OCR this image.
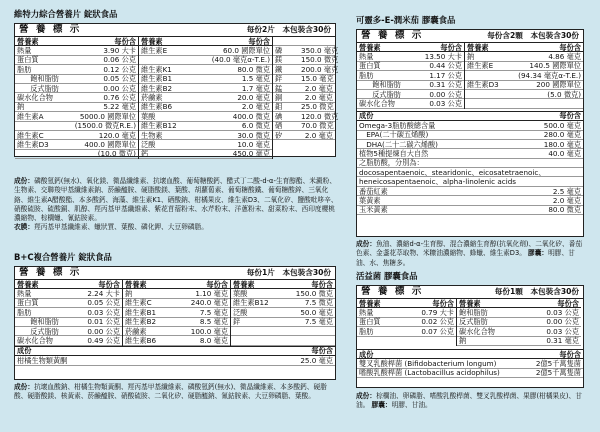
維特力綜合營養片 錠狀食品
營 養 標 示	每份2片　本包裝含30份
營養素	每份含
熱量	3.90 大卡
蛋白質	0.06 公克
脂肪	0.12 公克
　飽和脂肪	0.05 公克
　反式脂肪	0.00 公克
碳水化合物	0.76 公克
鈉	5.22 毫克
維生素A	5000.0 國際單位
(1500.0 微克R.E.)
維生素C	120.0 毫克
維生素D3	400.0 國際單位
(10.0 微克)
營養素	每份含
維生素E	60.0 國際單位
(40.0 毫克α-T.E.)
維生素K1	80.0 微克
維生素B1	1.5 毫克
維生素B2	1.7 毫克
菸鹼素	20.0 毫克
維生素B6	2.0 毫克
葉酸	400.0 微克
維生素B12	6.0 微克
生物素	30.0 微克
泛酸	10.0 毫克
鈣	450.0 毫克
磷	350.0 毫克
鎂	150.0 微克
鐵	200.0 毫克
鋅	15.0 毫克
錳	2.0 毫克
銅	2.0 毫克
鉬	25.0 微克
碘	120.0 微克
硒	70.0 微克
矽	2.0 毫克
成份：磷酸氫鈣(無水)、氧化鎂、微晶纖維素、抗壞血酸、葡萄糖酸鈣、醋式丁二酸-d-α-生育醇酯、米澱粉、生物素、交聯羧甲基纖維素鈉、菸鹼醯胺、硬脂酸鎂、葉酸、胡蘿蔔素、葡萄糖酸鐵、葡萄糖酸鋅、三氧化鉻、維生素A醋酸酯、本多酸鈣、海藻、維生素K1、硒酸鈉、柑橘果皮、維生素D3、二氧化矽、鹽酸吡哆辛、硝酸硫胺、硫酸銅、肌醇、羥丙基甲基纖維素、紫花苜蓿粉末、水芹粉末、洋蔥粉末、甜菜粉末、西印度櫻桃濃縮物、棕櫚蠟、氰鈷胺素。
衣膜：羥丙基甲基纖維素、蠟狀質、葉酸、磷化鉀、大豆卵磷脂。
B+C複合營養片 錠狀食品
營 養 標 示	每份1片　本包裝含30份
營養素	每份含
熱量	2.24 大卡
蛋白質	0.05 公克
脂肪	0.03 公克
　飽和脂肪	0.01 公克
　反式脂肪	0.00 公克
碳水化合物	0.49 公克
營養素	每份含
鈉	1.10 毫克
維生素C	240.0 毫克
維生素B1	7.5 毫克
維生素B2	8.5 毫克
菸鹼素	100.0 毫克
維生素B6	8.0 毫克
營養素	每份含
葉酸	150.0 微克
維生素B12	7.5 微克
泛酸	50.0 毫克
鋅	7.5 毫克
成份	每份含
柑橘生物類黃酮	25.0 毫克
成份：抗壞血酸鈉、柑橘生物類黃酮、羥丙基甲基纖維素、磷酸氫鈣(無水)、微晶纖維素、本多酸鈣、硬脂酸、硬脂酸鎂、核黃素、菸鹼醯胺、硝酸硫胺、二氧化矽、硬脂醯鈉、氰鈷胺素、大豆卵磷脂、葉酸。
可靈多-E-潤米茄 膠囊食品
營 養 標 示	每份含2顆　本包裝含30份
營養素	每份含
熱量	13.50 大卡
蛋白質	0.44 公克
脂肪	1.17 公克
　飽和脂肪	0.31 公克
　反式脂肪	0.00 公克
碳水化合物	0.03 公克
營養素	每份含
鈉	4.86 毫克
維生素E	140.5 國際單位
(94.34 毫克α-T.E.)
維生素D3	200 國際單位
(5.0 微克)
成份	每份含
Omega-3脂肪酸總含量	500.0 毫克
　EPA(二十碳五烯酸)	280.0 毫克
　DHA(二十二碳六烯酸)	180.0 毫克
植物5種提煉自大自然	40.0 毫克
之脂肪酸，分別為：
docosapentaenoic、stearidonic、eicosatetraenoic、
heneicosapentaenoic、alpha-linolenic acids
番茄紅素	2.5 毫克
葉黃素	2.0 毫克
玉米黃素	80.0 微克
成份：魚油、濃縮d-α-生育醇、混合濃縮生育醇(抗氧化劑)、二氧化矽、番茄色素、金盞花萃取物、米糠油濃縮物、蜂蠟、維生素D3。 膠囊：明膠、甘油、水、焦糖多。
活益菌 膠囊食品
營 養 標 示	每份1顆　本包裝含30份
營養素	每份含
熱量	0.79 大卡
蛋白質	0.02 公克
脂肪	0.07 公克
營養素	每份含
飽和脂肪	0.03 公克
反式脂肪	0.00 公克
碳水化合物	0.03 公克
鈉	0.31 毫克
成份	每份含
雙叉乳酸桿菌 (Bifidobacterium longum)	2億5千萬隻菌
嗜酸乳酸桿菌 (Lactobacillus acidophilus)	2億5千萬隻菌
成份：棕櫚油、卵磷脂、嗜酸乳酸桿菌、雙叉乳酸桿菌、果膠(柑橘果皮)、甘油。 膠囊：明膠、甘油。
